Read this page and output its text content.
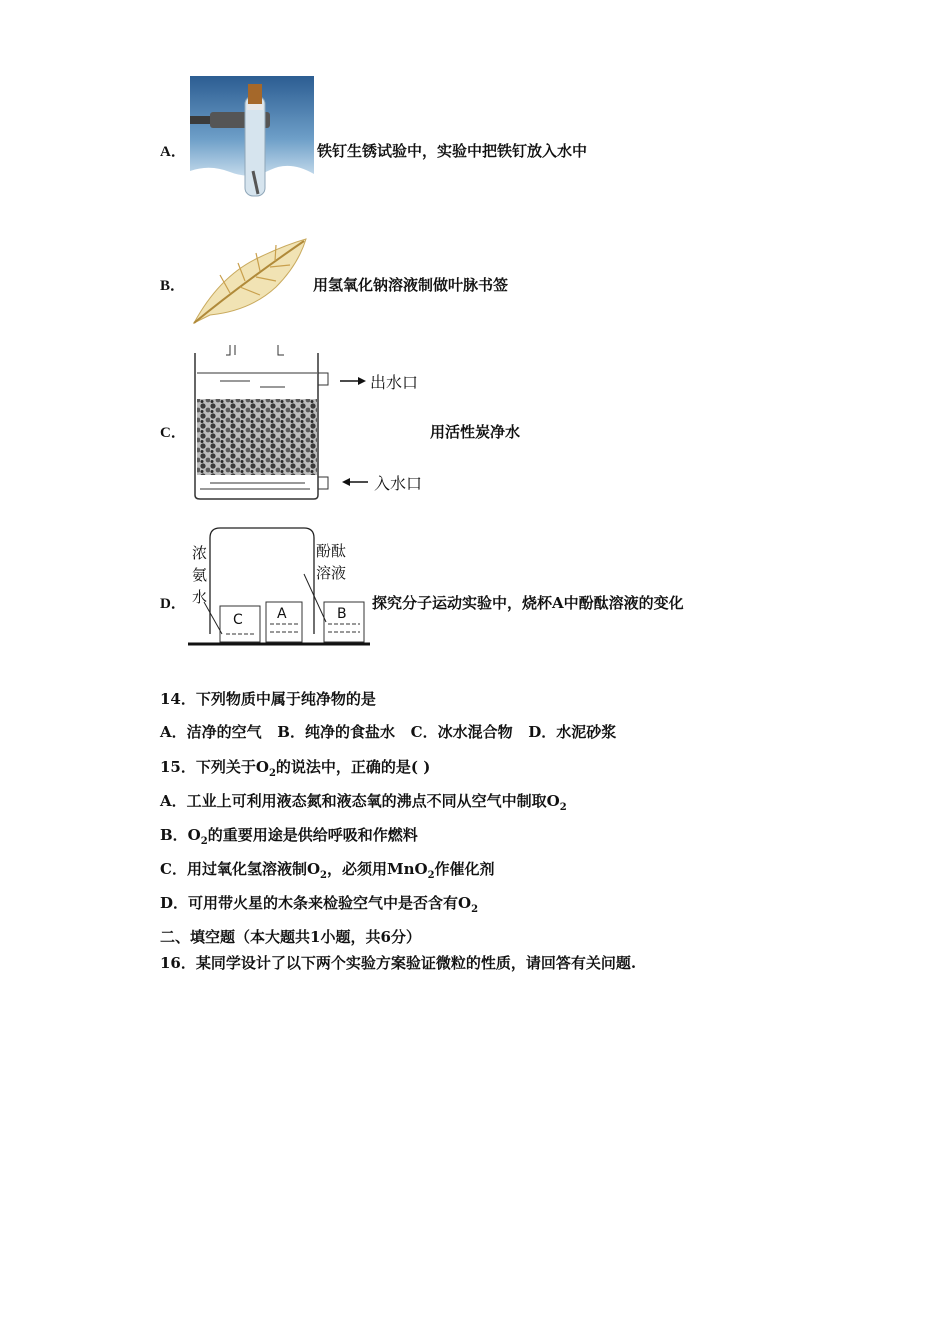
A．	铁钉生锈试验中，实验中把铁钉放入水中
B．	用氢氧化钠溶液制做叶脉书签
C．
出水口
入水口
用活性炭净水
D．
浓
氨
水
酚酞
溶液
C A	B
探究分子运动实验中，烧杯A中酚酞溶液的变化
14．下列物质中属于纯净物的是
A．洁净的空气   B．纯净的食盐水   C．冰水混合物   D．水泥砂浆
15．下列关于$O_2$的说法中，正确的是( )
A．工业上可利用液态氮和液态氧的沸点不同从空气中制取$O_2$
B．$O_2$的重要用途是供给呼吸和作燃料
C．用过氧化氢溶液制$O_2$，必须用MnO$_2$作催化剂
D．可用带火星的木条来检验空气中是否含有$O_2$
二、填空题（本大题共1小题，共6分）
16．某同学设计了以下两个实验方案验证微粒的性质，请回答有关问题.
